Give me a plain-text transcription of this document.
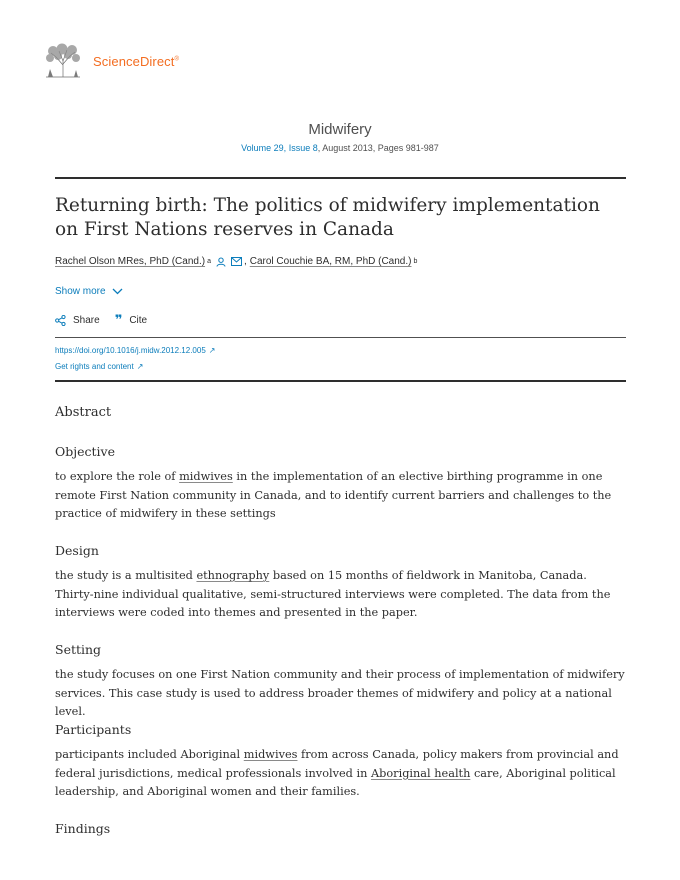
ScienceDirect®
Midwifery
Volume 29, Issue 8, August 2013, Pages 981-987
Returning birth: The politics of midwifery implementation on First Nations reserves in Canada
Rachel Olson MRes, PhD (Cand.) a	, Carol Couchie BA, RM, PhD (Cand.) b
Show more
Share ❞ Cite
https://doi.org/10.1016/j.midw.2012.12.005 ↗
Get rights and content ↗
Abstract
Objective

to explore the role of midwives in the implementation of an elective birthing programme in one remote First Nation community in Canada, and to identify current barriers and challenges to the practice of midwifery in these settings

Design

the study is a multisited ethnography based on 15 months of fieldwork in Manitoba, Canada. Thirty-nine individual qualitative, semi-structured interviews were completed. The data from the interviews were coded into themes and presented in the paper.

Setting

the study focuses on one First Nation community and their process of implementation of midwifery services. This case study is used to address broader themes of midwifery and policy at a national level.

Participants

participants included Aboriginal midwives from across Canada, policy makers from provincial and federal jurisdictions, medical professionals involved in Aboriginal health care, Aboriginal political leadership, and Aboriginal women and their families.

Findings
